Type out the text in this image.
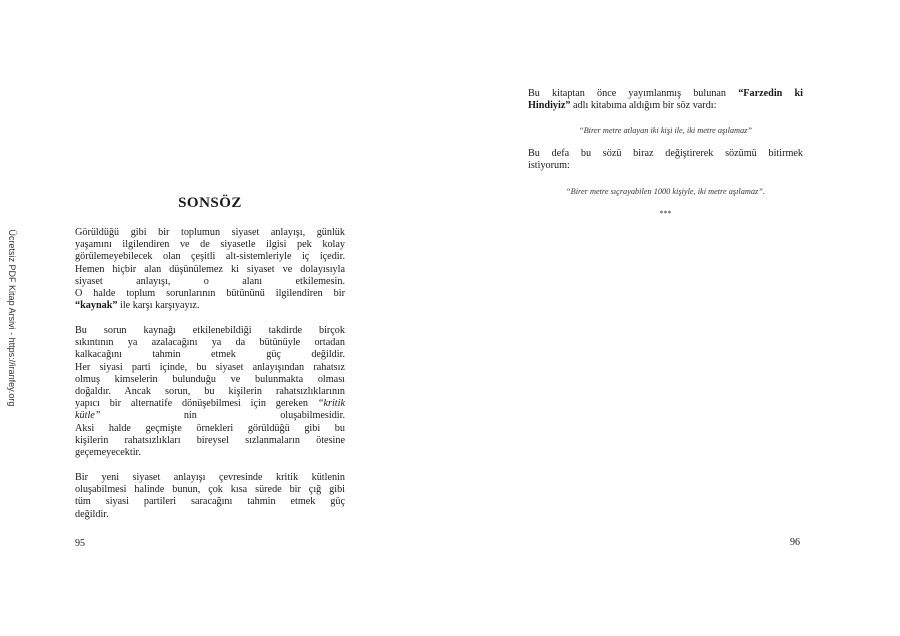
Ücretsiz PDF Kitap Arsivi - https://iranfey.org
SONSÖZ

Görüldüğü gibi bir toplumun siyaset anlayışı, günlük
yaşamını ilgilendiren ve de siyasetle ilgisi pek kolay
görülemeyebilecek olan çeşitli alt-sistemleriyle iç içedir.
Hemen hiçbir alan düşünülemez ki siyaset ve dolayısıyla
siyaset anlayışı, o alanı etkilemesin.
O halde toplum sorunlarının bütününü ilgilendiren bir
“kaynak” ile karşı karşıyayız.

Bu sorun kaynağı etkilenebildiği takdirde birçok
sıkıntının ya azalacağını ya da bütünüyle ortadan
kalkacağını tahmin etmek güç değildir.
Her siyasi parti içinde, bu siyaset anlayışından rahatsız
olmuş kimselerin bulunduğu ve bulunmakta olması
doğaldır. Ancak sorun, bu kişilerin rahatsızlıklarının
yapıcı bir alternatife dönüşebilmesi için gereken “kritik
kütle” nin oluşabilmesidir.
Aksi halde geçmişte örnekleri görüldüğü gibi bu
kişilerin rahatsızlıkları bireysel sızlanmaların ötesine
geçemeyecektir.

Bir yeni siyaset anlayışı çevresinde kritik kütlenin
oluşabilmesi halinde bunun, çok kısa sürede bir çığ gibi
tüm siyasi partileri saracağını tahmin etmek güç
değildir.

95

Bu kitaptan önce yayımlanmış bulunan “Farzedin ki
Hindiyiz” adlı kitabıma aldığım bir söz vardı:

“Birer metre atlayan iki kişi ile, iki metre aşılamaz”

Bu defa bu sözü biraz değiştirerek sözümü bitirmek
istiyorum:

“Birer metre sıçrayabilen 1000 kişiyle, iki metre aşılamaz”.
***
96
